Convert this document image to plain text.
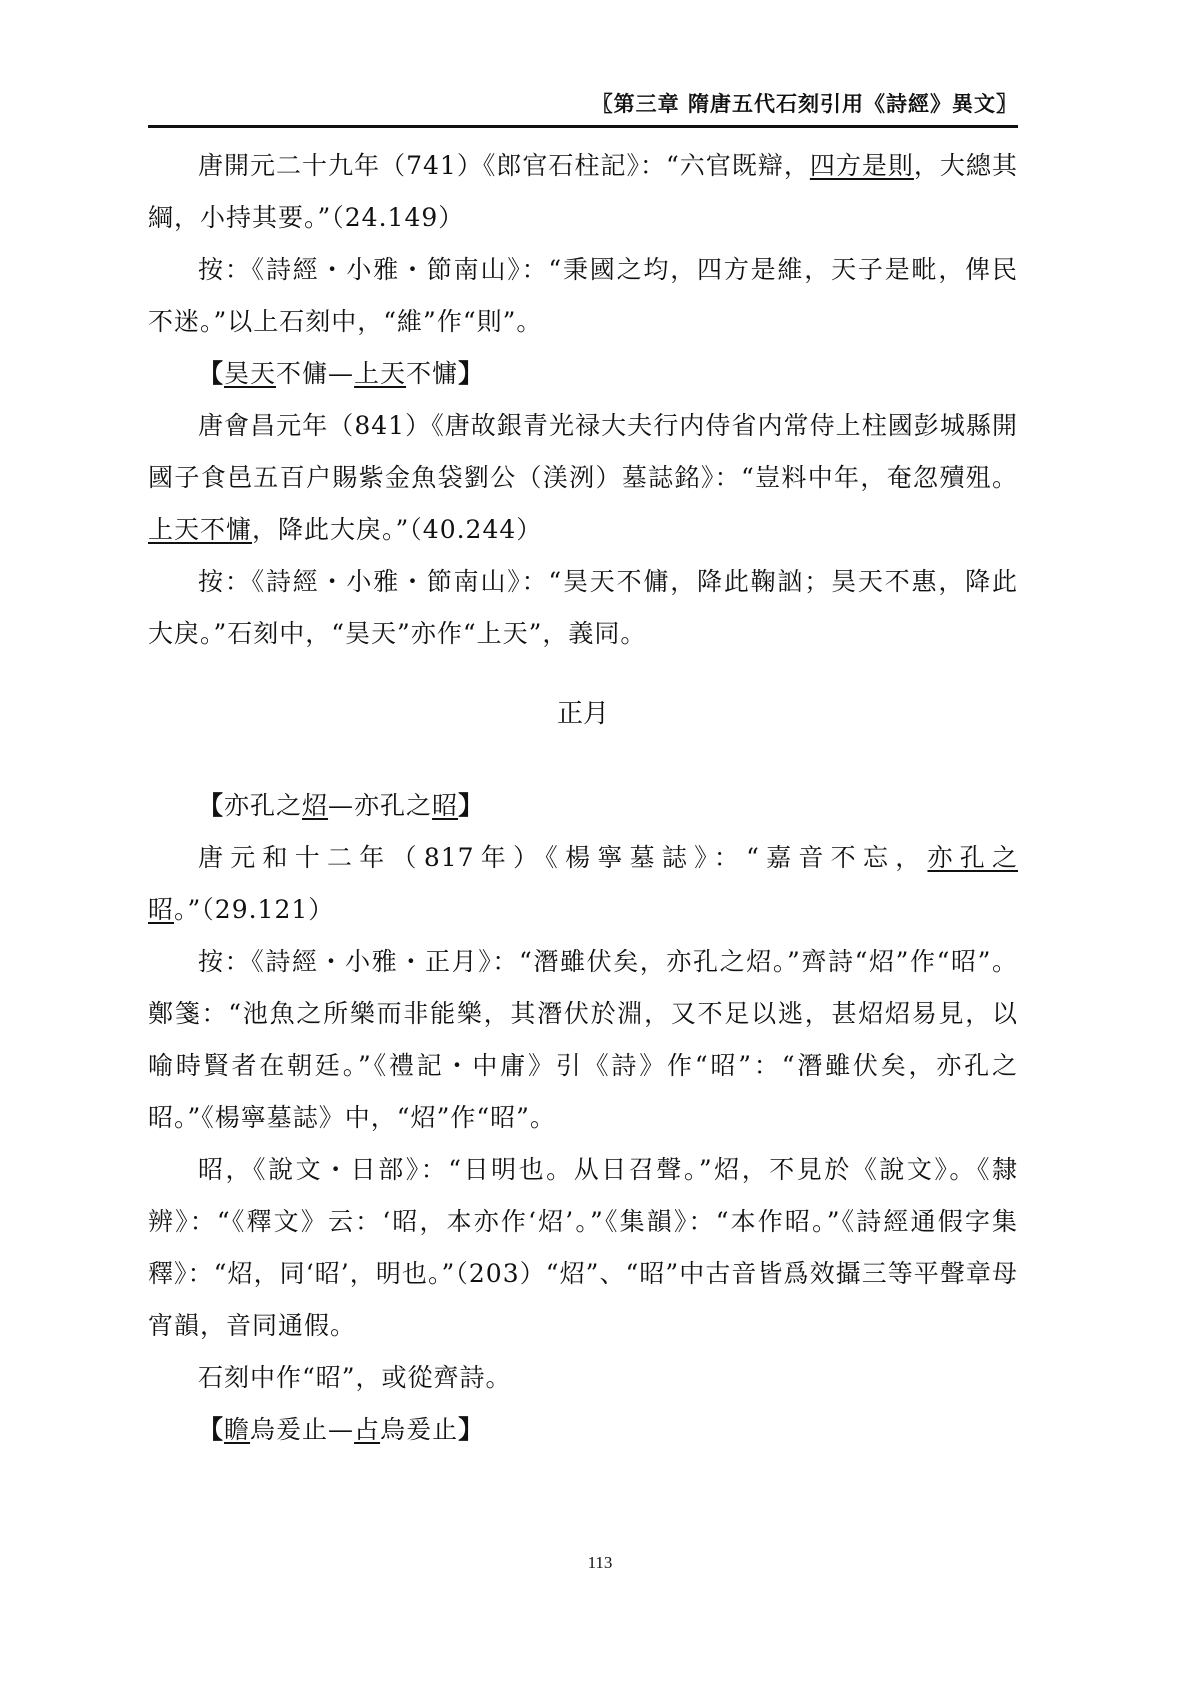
〖第三章 隋唐五代石刻引用《詩經》異文〗

唐開元二十九年（741）《郎官石柱記》：“六官既辯，四方是則，大總其綱，小持其要。”（24.149）

按：《詩經・小雅・節南山》：“秉國之均，四方是維，天子是毗，俾民不迷。”以上石刻中，“維”作“則”。

【昊天不傭—上天不慵】

唐會昌元年（841）《唐故銀青光禄大夫行内侍省内常侍上柱國彭城縣開國子食邑五百户賜紫金魚袋劉公（渼洌）墓誌銘》：“豈料中年，奄忽殰殂。上天不慵，降此大戾。”（40.244）

按：《詩經・小雅・節南山》：“昊天不傭，降此鞠訩；昊天不惠，降此大戾。”石刻中，“昊天”亦作“上天”，義同。

正月

【亦孔之炤—亦孔之昭】

唐元和十二年（817年）《楊寧墓誌》：“嘉音不忘，亦孔之昭。”（29.121）

按：《詩經・小雅・正月》：“潛雖伏矣，亦孔之炤。”齊詩“炤”作“昭”。鄭箋：“池魚之所樂而非能樂，其潛伏於淵，又不足以逃，甚炤炤易見，以喻時賢者在朝廷。”《禮記・中庸》引《詩》作“昭”：“潛雖伏矣，亦孔之昭。”《楊寧墓誌》中，“炤”作“昭”。

昭，《說文・日部》：“日明也。从日召聲。”炤，不見於《說文》。《隸辨》：“《釋文》云：‘昭，本亦作‘炤’。”《集韻》：“本作昭。”《詩經通假字集釋》：“炤，同‘昭’，明也。”（203）“炤”、“昭”中古音皆爲效攝三等平聲章母宵韻，音同通假。

石刻中作“昭”，或從齊詩。

【瞻烏爰止—占烏爰止】

113
